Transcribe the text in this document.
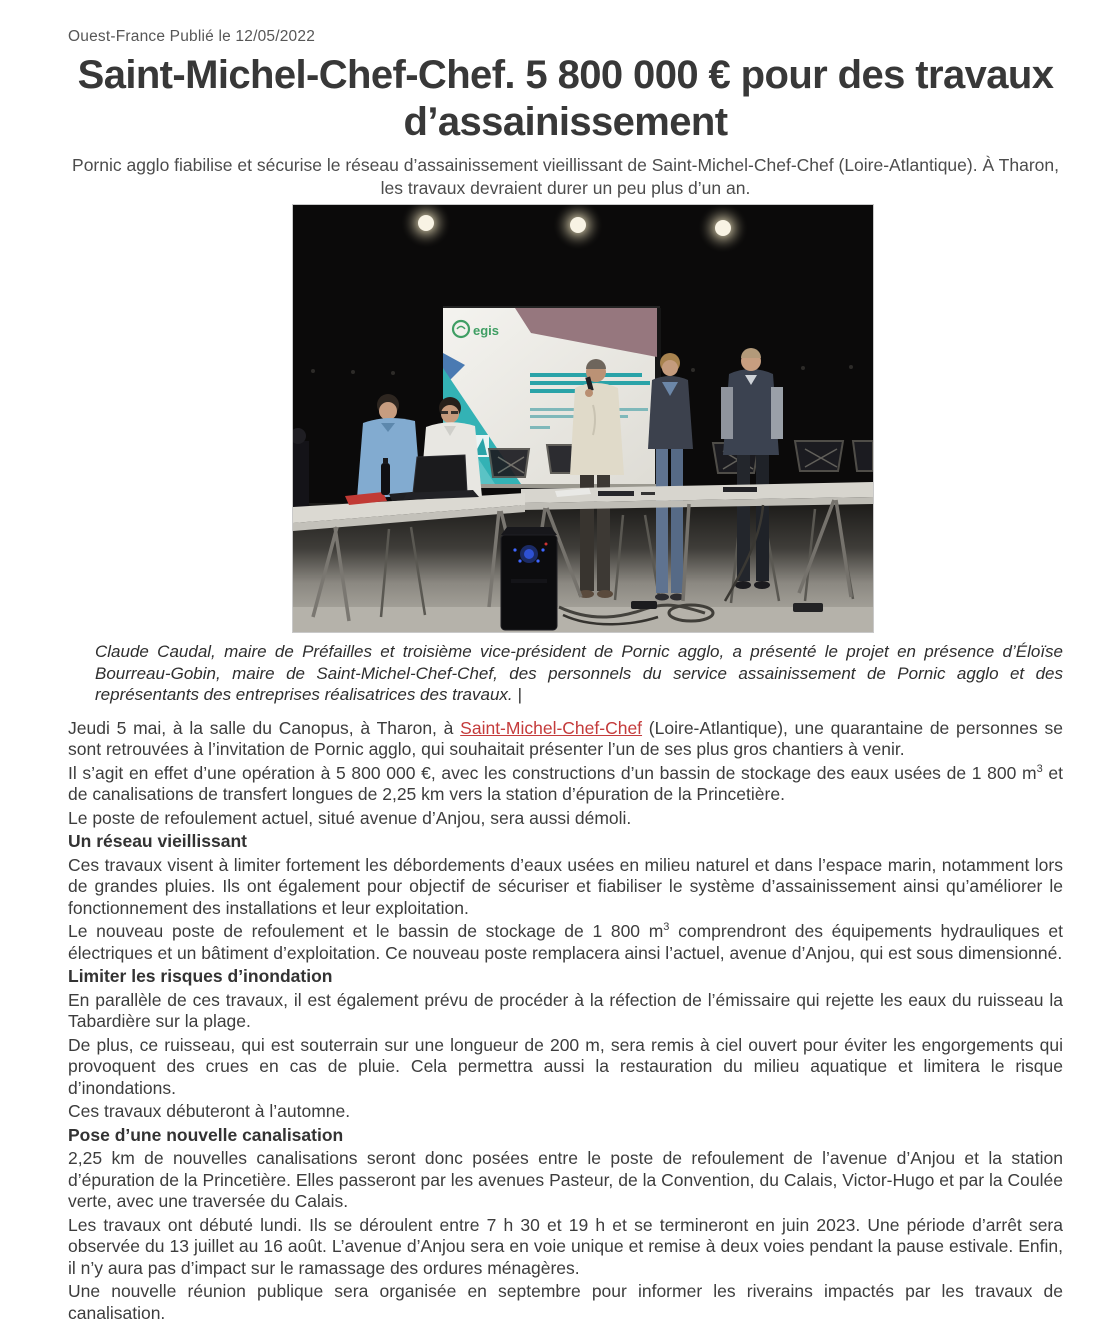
Ouest-France Publié le 12/05/2022
Saint-Michel-Chef-Chef. 5 800 000 € pour des travaux d’assainissement

Pornic agglo fiabilise et sécurise le réseau d’assainissement vieillissant de Saint-Michel-Chef-Chef (Loire-Atlantique). À Tharon, les travaux devraient durer un peu plus d’un an.

egis

Claude Caudal, maire de Préfailles et troisième vice-président de Pornic agglo, a présenté le projet en présence d’Éloïse Bourreau-Gobin, maire de Saint-Michel-Chef-Chef, des personnels du service assainissement de Pornic agglo et des représentants des entreprises réalisatrices des travaux. |

Jeudi 5 mai, à la salle du Canopus, à Tharon, à Saint-Michel-Chef-Chef (Loire-Atlantique), une quarantaine de personnes se sont retrouvées à l’invitation de Pornic agglo, qui souhaitait présenter l’un de ses plus gros chantiers à venir.

Il s’agit en effet d’une opération à 5 800 000 €, avec les constructions d’un bassin de stockage des eaux usées de 1 800 $m^3$ et de canalisations de transfert longues de 2,25 km vers la station d’épuration de la Princetière.

Le poste de refoulement actuel, situé avenue d’Anjou, sera aussi démoli.

Un réseau vieillissant

Ces travaux visent à limiter fortement les débordements d’eaux usées en milieu naturel et dans l’espace marin, notamment lors de grandes pluies. Ils ont également pour objectif de sécuriser et fiabiliser le système d’assainissement ainsi qu’améliorer le fonctionnement des installations et leur exploitation.

Le nouveau poste de refoulement et le bassin de stockage de 1 800 $m^3$ comprendront des équipements hydrauliques et électriques et un bâtiment d’exploitation. Ce nouveau poste remplacera ainsi l’actuel, avenue d’Anjou, qui est sous dimensionné.

Limiter les risques d’inondation

En parallèle de ces travaux, il est également prévu de procéder à la réfection de l’émissaire qui rejette les eaux du ruisseau la Tabardière sur la plage.

De plus, ce ruisseau, qui est souterrain sur une longueur de 200 m, sera remis à ciel ouvert pour éviter les engorgements qui provoquent des crues en cas de pluie. Cela permettra aussi la restauration du milieu aquatique et limitera le risque d’inondations.

Ces travaux débuteront à l’automne.

Pose d’une nouvelle canalisation

2,25 km de nouvelles canalisations seront donc posées entre le poste de refoulement de l’avenue d’Anjou et la station d’épuration de la Princetière. Elles passeront par les avenues Pasteur, de la Convention, du Calais, Victor-Hugo et par la Coulée verte, avec une traversée du Calais.

Les travaux ont débuté lundi. Ils se déroulent entre 7 h 30 et 19 h et se termineront en juin 2023. Une période d’arrêt sera observée du 13 juillet au 16 août. L’avenue d’Anjou sera en voie unique et remise à deux voies pendant la pause estivale. Enfin, il n’y aura pas d’impact sur le ramassage des ordures ménagères.

Une nouvelle réunion publique sera organisée en septembre pour informer les riverains impactés par les travaux de canalisation.
